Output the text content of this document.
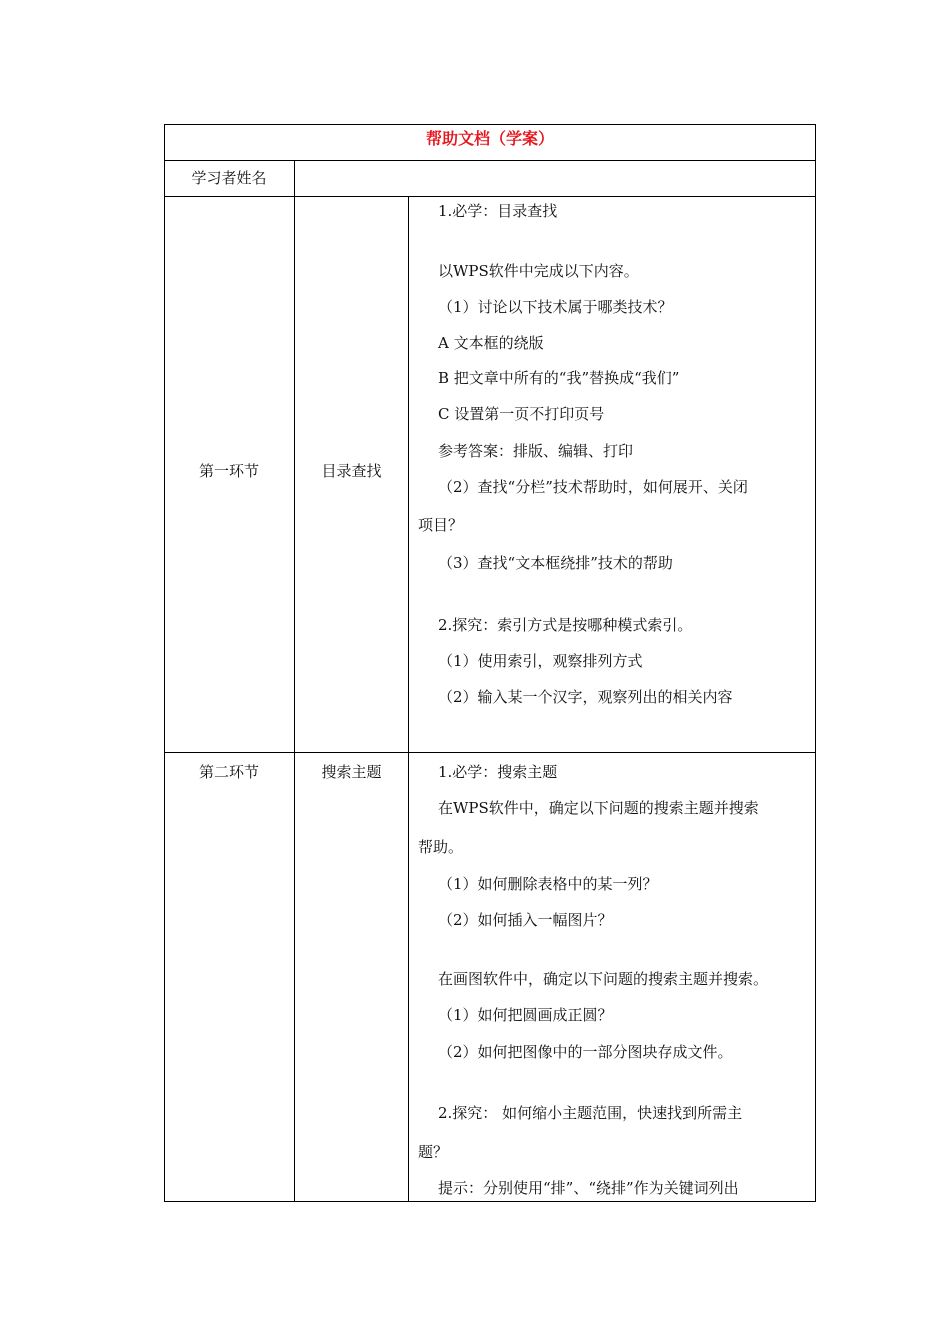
帮助文档（学案）
学习者姓名
第一环节	目录查找
1.必学：目录查找
以WPS软件中完成以下内容。
（1）讨论以下技术属于哪类技术？
A 文本框的绕版
B 把文章中所有的“我”替换成“我们”
C 设置第一页不打印页号
参考答案：排版、编辑、打印
（2）查找“分栏”技术帮助时，如何展开、关闭
项目？
（3）查找“文本框绕排”技术的帮助
2.探究：索引方式是按哪种模式索引。
（1）使用索引，观察排列方式
（2）输入某一个汉字，观察列出的相关内容
第二环节	搜索主题	1.必学：搜索主题
在WPS软件中，确定以下问题的搜索主题并搜索
帮助。
（1）如何删除表格中的某一列？
（2）如何插入一幅图片？
在画图软件中，确定以下问题的搜索主题并搜索。
（1）如何把圆画成正圆？
（2）如何把图像中的一部分图块存成文件。
2.探究： 如何缩小主题范围，快速找到所需主
题？
提示：分别使用“排”、“绕排”作为关键词列出
